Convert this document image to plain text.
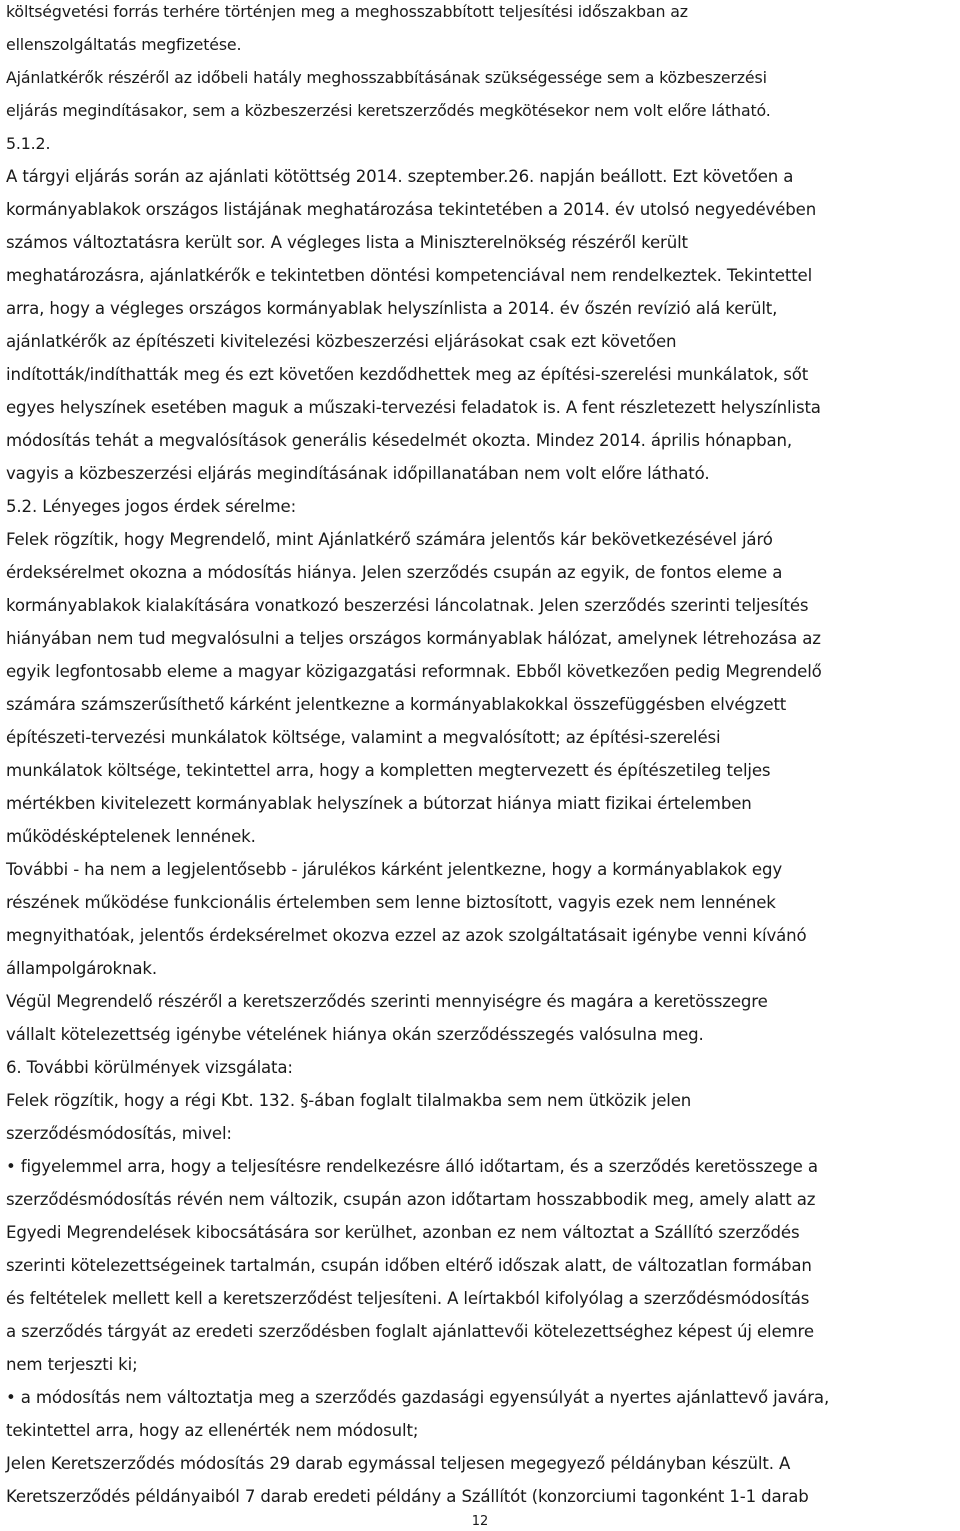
költségvetési forrás terhére történjen meg a meghosszabbított teljesítési időszakban az
ellenszolgáltatás megfizetése.
Ajánlatkérők részéről az időbeli hatály meghosszabbításának szükségessége sem a közbeszerzési
eljárás megindításakor, sem a közbeszerzési keretszerződés megkötésekor nem volt előre látható.
5.1.2.
A tárgyi eljárás során az ajánlati kötöttség 2014. szeptember.26. napján beállott. Ezt követően a
kormányablakok országos listájának meghatározása tekintetében a 2014. év utolsó negyedévében
számos változtatásra került sor. A végleges lista a Miniszterelnökség részéről került
meghatározásra, ajánlatkérők e tekintetben döntési kompetenciával nem rendelkeztek. Tekintettel
arra, hogy a végleges országos kormányablak helyszínlista a 2014. év őszén revízió alá került,
ajánlatkérők az építészeti kivitelezési közbeszerzési eljárásokat csak ezt követően
indították/indíthatták meg és ezt követően kezdődhettek meg az építési-szerelési munkálatok, sőt
egyes helyszínek esetében maguk a műszaki-tervezési feladatok is. A fent részletezett helyszínlista
módosítás tehát a megvalósítások generális késedelmét okozta. Mindez 2014. április hónapban,
vagyis a közbeszerzési eljárás megindításának időpillanatában nem volt előre látható.
5.2. Lényeges jogos érdek sérelme:
Felek rögzítik, hogy Megrendelő, mint Ajánlatkérő számára jelentős kár bekövetkezésével járó
érdeksérelmet okozna a módosítás hiánya. Jelen szerződés csupán az egyik, de fontos eleme a
kormányablakok kialakítására vonatkozó beszerzési láncolatnak. Jelen szerződés szerinti teljesítés
hiányában nem tud megvalósulni a teljes országos kormányablak hálózat, amelynek létrehozása az
egyik legfontosabb eleme a magyar közigazgatási reformnak. Ebből következően pedig Megrendelő
számára számszerűsíthető kárként jelentkezne a kormányablakokkal összefüggésben elvégzett
építészeti-tervezési munkálatok költsége, valamint a megvalósított; az építési-szerelési
munkálatok költsége, tekintettel arra, hogy a kompletten megtervezett és építészetileg teljes
mértékben kivitelezett kormányablak helyszínek a bútorzat hiánya miatt fizikai értelemben
működésképtelenek lennének.
További - ha nem a legjelentősebb - járulékos kárként jelentkezne, hogy a kormányablakok egy
részének működése funkcionális értelemben sem lenne biztosított, vagyis ezek nem lennének
megnyithatóak, jelentős érdeksérelmet okozva ezzel az azok szolgáltatásait igénybe venni kívánó
állampolgároknak.
Végül Megrendelő részéről a keretszerződés szerinti mennyiségre és magára a keretösszegre
vállalt kötelezettség igénybe vételének hiánya okán szerződésszegés valósulna meg.
6. További körülmények vizsgálata:
Felek rögzítik, hogy a régi Kbt. 132. §-ában foglalt tilalmakba sem nem ütközik jelen
szerződésmódosítás, mivel:
• figyelemmel arra, hogy a teljesítésre rendelkezésre álló időtartam, és a szerződés keretösszege a
szerződésmódosítás révén nem változik, csupán azon időtartam hosszabbodik meg, amely alatt az
Egyedi Megrendelések kibocsátására sor kerülhet, azonban ez nem változtat a Szállító szerződés
szerinti kötelezettségeinek tartalmán, csupán időben eltérő időszak alatt, de változatlan formában
és feltételek mellett kell a keretszerződést teljesíteni. A leírtakból kifolyólag a szerződésmódosítás
a szerződés tárgyát az eredeti szerződésben foglalt ajánlattevői kötelezettséghez képest új elemre
nem terjeszti ki;
• a módosítás nem változtatja meg a szerződés gazdasági egyensúlyát a nyertes ajánlattevő javára,
tekintettel arra, hogy az ellenérték nem módosult;
Jelen Keretszerződés módosítás 29 darab egymással teljesen megegyező példányban készült. A
Keretszerződés példányaiból 7 darab eredeti példány a Szállítót (konzorciumi tagonként 1-1 darab
12
